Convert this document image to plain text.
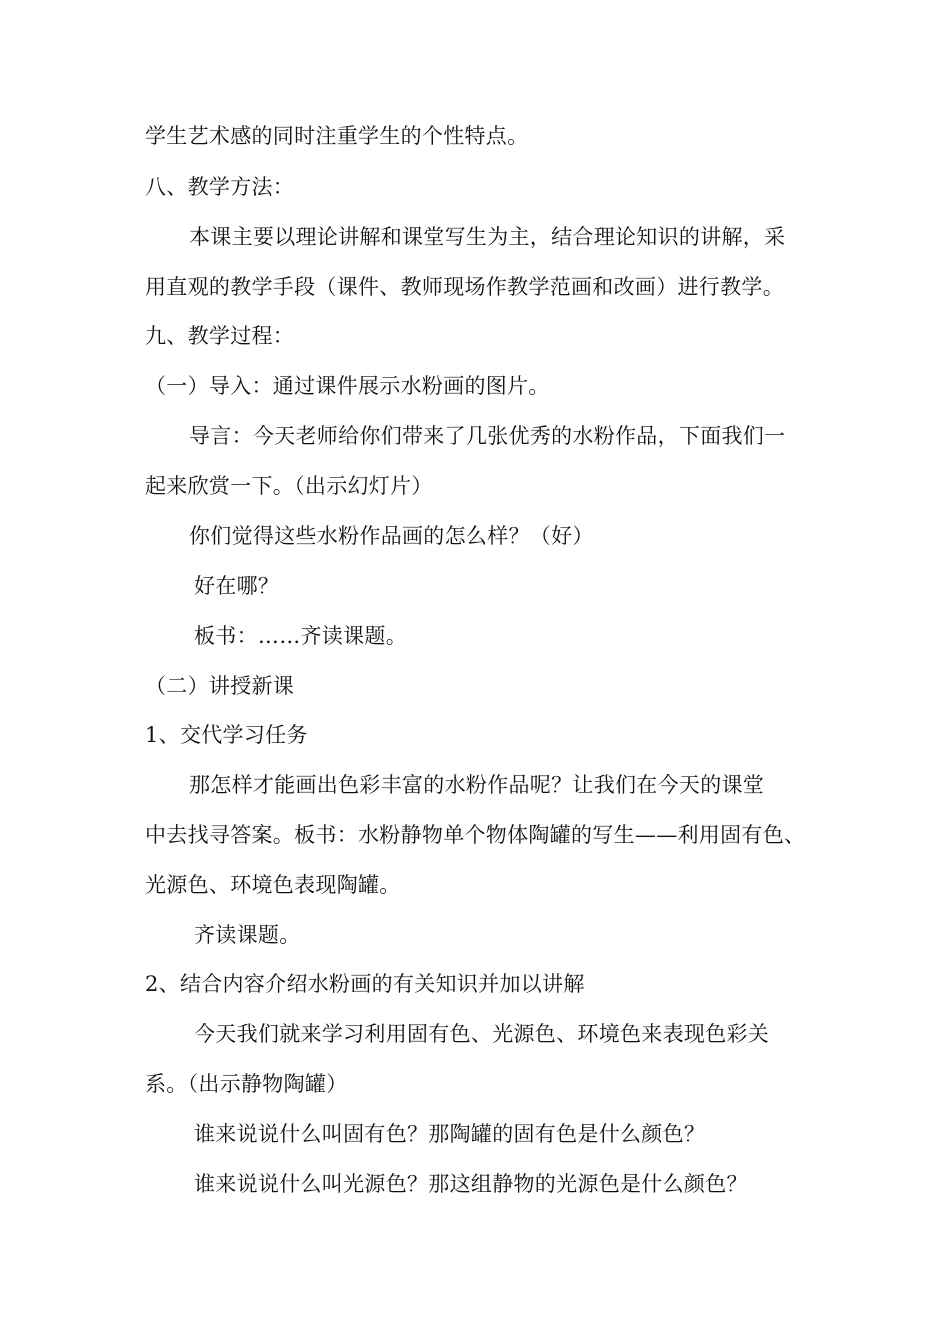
学生艺术感的同时注重学生的个性特点。
八、教学方法：
本课主要以理论讲解和课堂写生为主，结合理论知识的讲解，采
用直观的教学手段（课件、教师现场作教学范画和改画）进行教学。
九、教学过程：
（一）导入：通过课件展示水粉画的图片。
导言：今天老师给你们带来了几张优秀的水粉作品，下面我们一
起来欣赏一下。（出示幻灯片）
你们觉得这些水粉作品画的怎么样？（好）
好在哪？
板书：……齐读课题。
（二）讲授新课
1、交代学习任务
那怎样才能画出色彩丰富的水粉作品呢？让我们在今天的课堂
中去找寻答案。板书：水粉静物单个物体陶罐的写生——利用固有色、
光源色、环境色表现陶罐。
齐读课题。
2、结合内容介绍水粉画的有关知识并加以讲解
今天我们就来学习利用固有色、光源色、环境色来表现色彩关
系。（出示静物陶罐）
谁来说说什么叫固有色？那陶罐的固有色是什么颜色？
谁来说说什么叫光源色？那这组静物的光源色是什么颜色？
